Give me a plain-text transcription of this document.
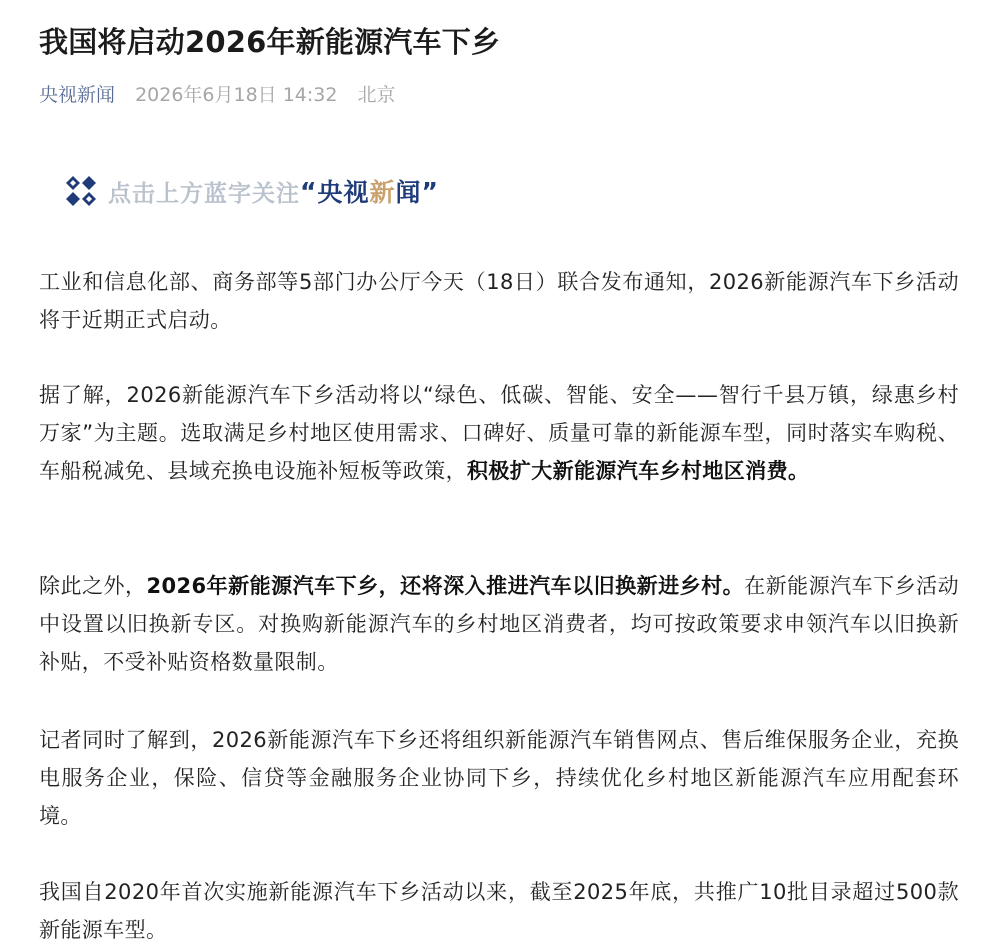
我国将启动2026年新能源汽车下乡
央视新闻 2026年6月18日 14:32 北京
点击上方蓝字关注 “ 央视 新 闻 ”

工业和信息化部、商务部等5部门办公厅今天（18日）联合发布通知，2026新能源汽车下乡活动将于近期正式启动。

据了解，2026新能源汽车下乡活动将以“绿色、低碳、智能、安全——智行千县万镇，绿惠乡村万家”为主题。选取满足乡村地区使用需求、口碑好、质量可靠的新能源车型，同时落实车购税、车船税减免、县域充换电设施补短板等政策，积极扩大新能源汽车乡村地区消费。

除此之外，2026年新能源汽车下乡，还将深入推进汽车以旧换新进乡村。在新能源汽车下乡活动中设置以旧换新专区。对换购新能源汽车的乡村地区消费者，均可按政策要求申领汽车以旧换新补贴，不受补贴资格数量限制。

记者同时了解到，2026新能源汽车下乡还将组织新能源汽车销售网点、售后维保服务企业，充换电服务企业，保险、信贷等金融服务企业协同下乡，持续优化乡村地区新能源汽车应用配套环境。

我国自2020年首次实施新能源汽车下乡活动以来，截至2025年底，共推广10批目录超过500款新能源车型。
